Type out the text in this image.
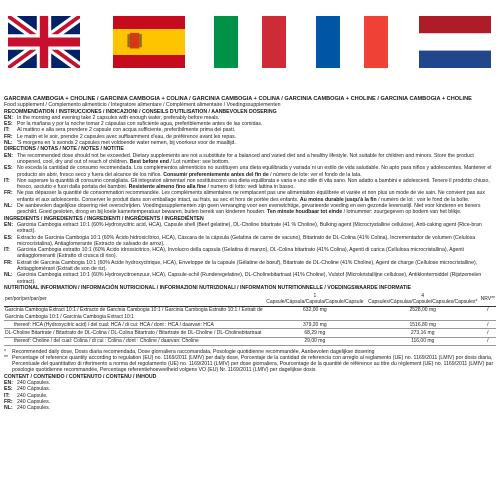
GARCINIA CAMBOGIA + CHOLINE / GARCINIA CAMBOGIA + COLINA / GARCINIA CAMBOGIA + COLINA / GARCINIA CAMBOGIA + CHOLINE / GARCINIA CAMBOGIA + CHOLINE
Food supplement / Complemento alimenticio / Integratore alimentare / Complément alimentaire / Voedingssupplementen
RECOMMENDATION / INSTRUCCIONES / INDICAZIONI / CONSEILS D'UTILISATION / AANBEVOLEN DOSERING
EN: In the morning and evening take 2 capsules with enough water, preferably before meals.
ES: Por la mañana y por la noche tomar 2 cápsulas con suficiente agua, preferiblemente antes de las comidas.
IT:	Al mattino e alla sera prendere 2 capsule con acqua sufficiente, preferibilmente prima dei pasti.
FR: Le matin et le soir, prendre 2 capsules avec suffisamment d'eau, de préférence avant les repas.
NL: 'S morgens en 's avonds 2 capsules met voldoende water nemen, bij voorkeur voor de maaltijd.
DIRECTIONS / NOTAS / NOTE / NOTES / NOTITIE
EN: The recommended dose should not be exceeded. Dietary supplements are not a substitute for a balanced and varied diet and a healthy lifestyle. Not suitable for children and minors. Store the product unopened, cool, dry and out of reach of children. Best before end / Lot number: see bottom.
ES: No exceda la cantidad de consumo recomendada. Los complementos alimenticios no sustituyen una dieta equilibrada y variada ni un estilo de vida saludable. No apto para niños y adolescentes. Mantener el producto sin abrir, fresco seco y fuera del alcance de los niños. Consumir preferentemente antes del fin de / número de lote: ver el fondo de la lata.
IT:	Non superare la quantità di consumo consigliata. Gli integratori alimentari non sostituiscono una dieta equilibrata e varia e uno stile di vita sano. Non adatto a bambini e adolescenti. Tenere il prodotto chiuso, fresco, asciutto e fuori dalla portata dei bambini. Resistente almeno fino alla fine / numero di lotto: vedi lattina in basso.
FR: Ne pas dépasser la quantité de consommation recommandée. Les compléments alimentaires ne remplacent pas une alimentation équilibrée et variée et non plus un mode de vie sain. Ne convient pas aux enfants et aux adolescents. Conserver le produit dans son emballage intact, au frais, au sec et hors de portée des enfants. Au moins durable jusqu'à la fin / numéro de lot : voir le fond de la boîte.
NL: De aanbevolen dagelijkse dosering niet overschrijden. Voedingssupplementen zijn geen vervanging voor een evenwichtige, gevarieerde voeding en een gezonde levensstijl. Niet voor kinderen en tieners geschikt. Goed gesloten, droog en bij koele kamertemperatuur bewaren, buiten bereik van kinderen houden. Ten minste houdbaar tot einde / lotnummer: zuurgegeven op bodem van het blikje.
INGREDIENTS / INGREDIENTES / INGREDIENTI / INGRÉDIENTS / INGREDIËNTEN
EN: Garcinia Cambogia extract 10:1 (60% Hydroxycitric acid, HCA), Capsule shell (Beef gelatine), DL-Choline bitartrate (41 % Choline), Bulking agent (Microcrystalline cellulose), Anti-caking agent (Rice-bran extract).
ES: Extracto de Garcinia Cambogia 10:1 (60% Ácido hidroxicítrico, HCA), Cáscara de la cápsula (Gelatina de carne de vacuno), Bitartrato de DL-Colina (41% Colina), Incrementador de volumen (Celulosa microcristalina), Antiaglomerante (Extracto de salvado de arroz).
IT:	Garcinia Cambogia estratto 10:1 (60% Acido idrossicitrico, HCA), Involucro della capsula (Gelatina di manzo), DL-Colina bitartrato (41% Colina), Agenti di carica (Cellulosa microcristallina), Agenti antiagglomeranti (Estratto di crusca di riso).
FR: Extrait de Garcinia Cambogia 10:1 (60% Acide hydroxycitrique, HCA), Enveloppe de la capsule (Gélatine de bœuf), Bitartrate de DL-Choline (41% Choline), Agent de charge (Cellulose microcristalline), Antiagglomérant (Extrait de son de riz).
NL: Garcinia Cambogia extract 10:1 (60% Hydroxycitroenzuur, HCA), Capsule-schil (Runderegelatine), DL-Cholinebitartraat (41% Choline), Vulstof (Microkristallijne cellulose), Antiklontermiddel (Rijstzemelen extract).
NUTRITIONAL INFORMATION / INFORMACIÓN NUTRICIONAL / INFORMAZIONI NUTRIZIONALI / INFORMATION NUTRITIONNELLE / VOEDINGSWAARDE INFORMATIE
per/por/per/par/per	1 Capsule/Cápsula/Capsula/Capsule/Capsule	4 Capsules/Cápsulas/Capsule/Capsules/Capsules*	NRV**
Garcinia Cambogia Extract 10:1 / Extracto de Garcinia Cambogia 10:1 / Garcinia Cambogia Estratto 10:1 / Extrait de Garcinia Cambogia 10:1 / Garcinia Cambogia Extract 10:1	632,00 mg	2528,00 mg	/
thereof: HCA (Hydroxycitric acid) / del cual: HCA / di cui: HCA / dont : HCA / daarvan: HCA	379,20 mg	1516,80 mg	/
DL-Choline Bitartrate / Bitartrato de DL-Colina / DL-Colina Bitartrato / Bitartrate de DL-Choline / DL-Cholinebitartraat	68,29 mg	273,16 mg	/
thereof: Choline / del cual: Colina / di cui : Colina / dont : Choline / daarvan: Choline	29,00 mg	116,00 mg	/
*	Recommended daily dose, Dosis diaria recomendada, Dose giornaliera raccomandata, Posologie quotidienne recommandée, Aanbevolen dagelijkse dosering
** Percentage of reference quantity according to regulation (EU) no. 1169/2011 (LMIV) per daily dose, Porcentaje de la cantidad de referencia con arreglo al reglamento (UE) no. 1169/2011 (LMIV) por dosis diaria, Percentuale del quantitativo di riferimento a norma del regolamento (UE) no. 1169/2011 (LMIV) per dose giornaliera, Pourcentage de la quantité de référence au titre du règlement (UE) no. 1169/2011 (LMIV) par posologie quotidienne recommandée, Percentage referentiehoeveelheid volgens VO (EU) Nr. 1169/2011 (LMIV) per dagelijkse dosis
CONTENT / CONTENIDO / CONTENUTO / CONTENU / INHOUD
EN: 240 Capsules.
ES: 240 Cápsulas.
IT:	240 Capsule.
FR: 240 Capsules.
NL: 240 Capsules.
